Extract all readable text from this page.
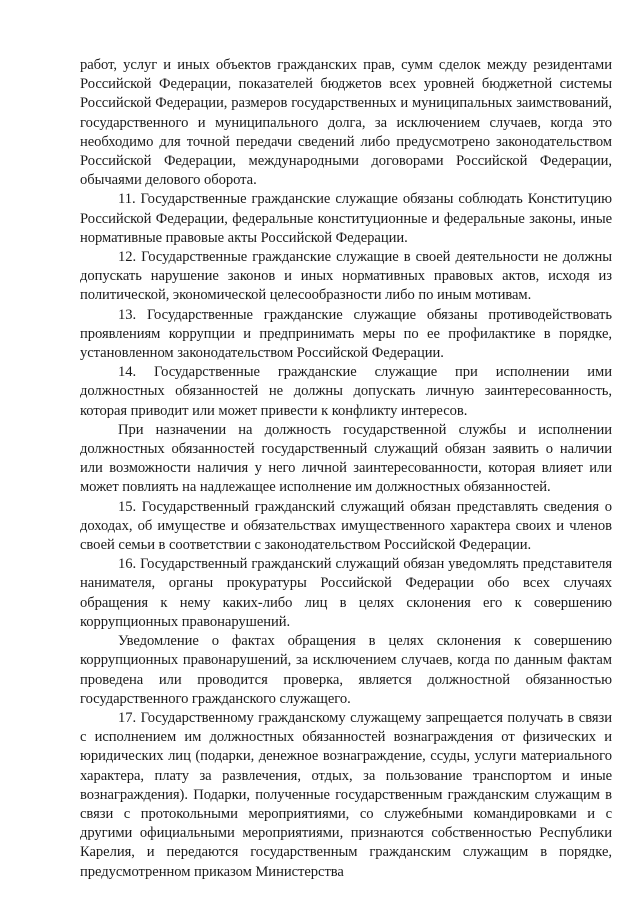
работ, услуг и иных объектов гражданских прав, сумм сделок между резидентами Российской Федерации, показателей бюджетов всех уровней бюджетной системы Российской Федерации, размеров государственных и муниципальных заимствований, государственного и муниципального долга, за исключением случаев, когда это необходимо для точной передачи сведений либо предусмотрено законодательством Российской Федерации, международными договорами Российской Федерации, обычаями делового оборота.

11. Государственные гражданские служащие обязаны соблюдать Конституцию Российской Федерации, федеральные конституционные и федеральные законы, иные нормативные правовые акты Российской Федерации.

12. Государственные гражданские служащие в своей деятельности не должны допускать нарушение законов и иных нормативных правовых актов, исходя из политической, экономической целесообразности либо по иным мотивам.

13. Государственные гражданские служащие обязаны противодействовать проявлениям коррупции и предпринимать меры по ее профилактике в порядке, установленном законодательством Российской Федерации.

14. Государственные гражданские служащие при исполнении ими должностных обязанностей не должны допускать личную заинтересованность, которая приводит или может привести к конфликту интересов.

При назначении на должность государственной службы и исполнении должностных обязанностей государственный служащий обязан заявить о наличии или возможности наличия у него личной заинтересованности, которая влияет или может повлиять на надлежащее исполнение им должностных обязанностей.

15. Государственный гражданский служащий обязан представлять сведения о доходах, об имуществе и обязательствах имущественного характера своих и членов своей семьи в соответствии с законодательством Российской Федерации.

16. Государственный гражданский служащий обязан уведомлять представителя нанимателя, органы прокуратуры Российской Федерации обо всех случаях обращения к нему каких-либо лиц в целях склонения его к совершению коррупционных правонарушений.

Уведомление о фактах обращения в целях склонения к совершению коррупционных правонарушений, за исключением случаев, когда по данным фактам проведена или проводится проверка, является должностной обязанностью государственного гражданского служащего.

17. Государственному гражданскому служащему запрещается получать в связи с исполнением им должностных обязанностей вознаграждения от физических и юридических лиц (подарки, денежное вознаграждение, ссуды, услуги материального характера, плату за развлечения, отдых, за пользование транспортом и иные вознаграждения). Подарки, полученные государственным гражданским служащим в связи с протокольными мероприятиями, со служебными командировками и с другими официальными мероприятиями, признаются собственностью Республики Карелия, и передаются государственным гражданским служащим в порядке, предусмотренном приказом Министерства
